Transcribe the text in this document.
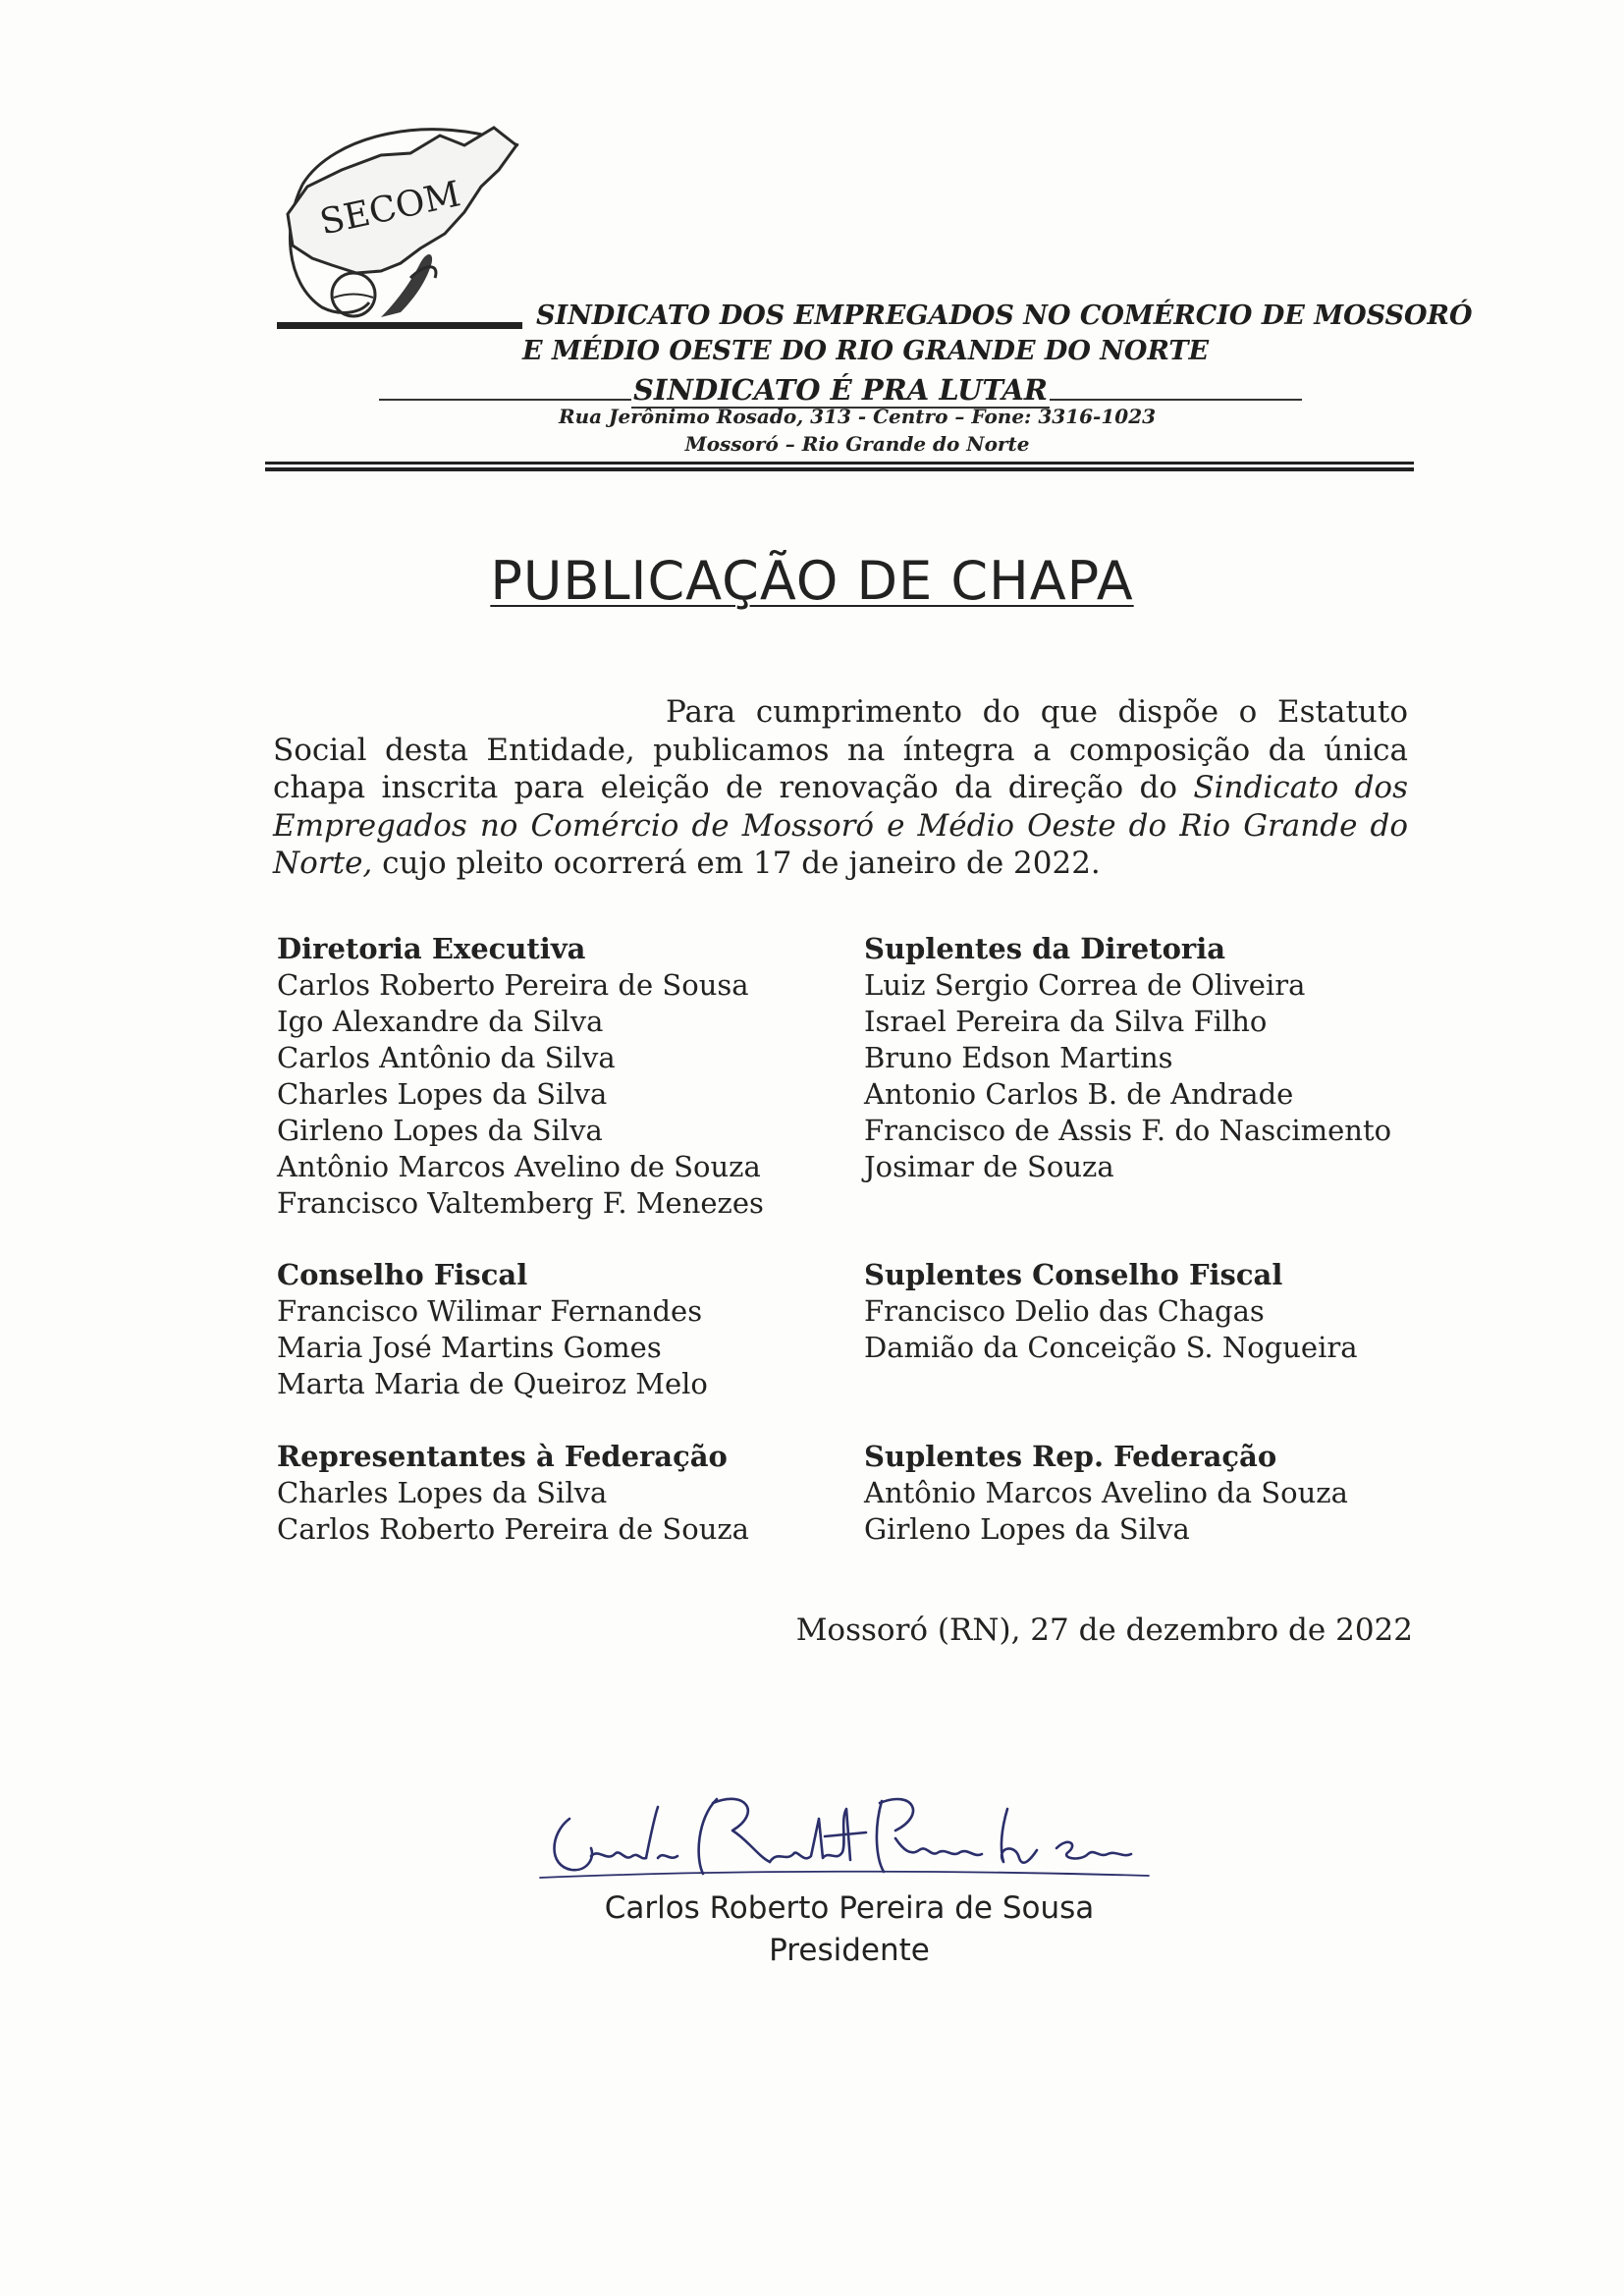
SECOM
SINDICATO DOS EMPREGADOS NO COMÉRCIO DE MOSSORÓ
E MÉDIO OESTE DO RIO GRANDE DO NORTE
SINDICATO É PRA LUTAR
Rua Jerônimo Rosado, 313 - Centro – Fone: 3316-1023
Mossoró – Rio Grande do Norte
PUBLICAÇÃO DE CHAPA
Para cumprimento do que dispõe o Estatuto Social desta Entidade, publicamos na íntegra a composição da única chapa inscrita para eleição de renovação da direção do Sindicato dos Empregados no Comércio de Mossoró e Médio Oeste do Rio Grande do Norte, cujo pleito ocorrerá em 17 de janeiro de 2022.
Diretoria Executiva
Carlos Roberto Pereira de Sousa
Igo Alexandre da Silva
Carlos Antônio da Silva
Charles Lopes da Silva
Girleno Lopes da Silva
Antônio Marcos Avelino de Souza
Francisco Valtemberg F. Menezes
Suplentes da Diretoria
Luiz Sergio Correa de Oliveira
Israel Pereira da Silva Filho
Bruno Edson Martins
Antonio Carlos B. de Andrade
Francisco de Assis F. do Nascimento
Josimar de Souza
Conselho Fiscal
Francisco Wilimar Fernandes
Maria José Martins Gomes
Marta Maria de Queiroz Melo
Suplentes Conselho Fiscal
Francisco Delio das Chagas
Damião da Conceição S. Nogueira
Representantes à Federação
Charles Lopes da Silva
Carlos Roberto Pereira de Souza
Suplentes Rep. Federação
Antônio Marcos Avelino da Souza
Girleno Lopes da Silva
Mossoró (RN), 27 de dezembro de 2022
Carlos Roberto Pereira de Sousa
Presidente
